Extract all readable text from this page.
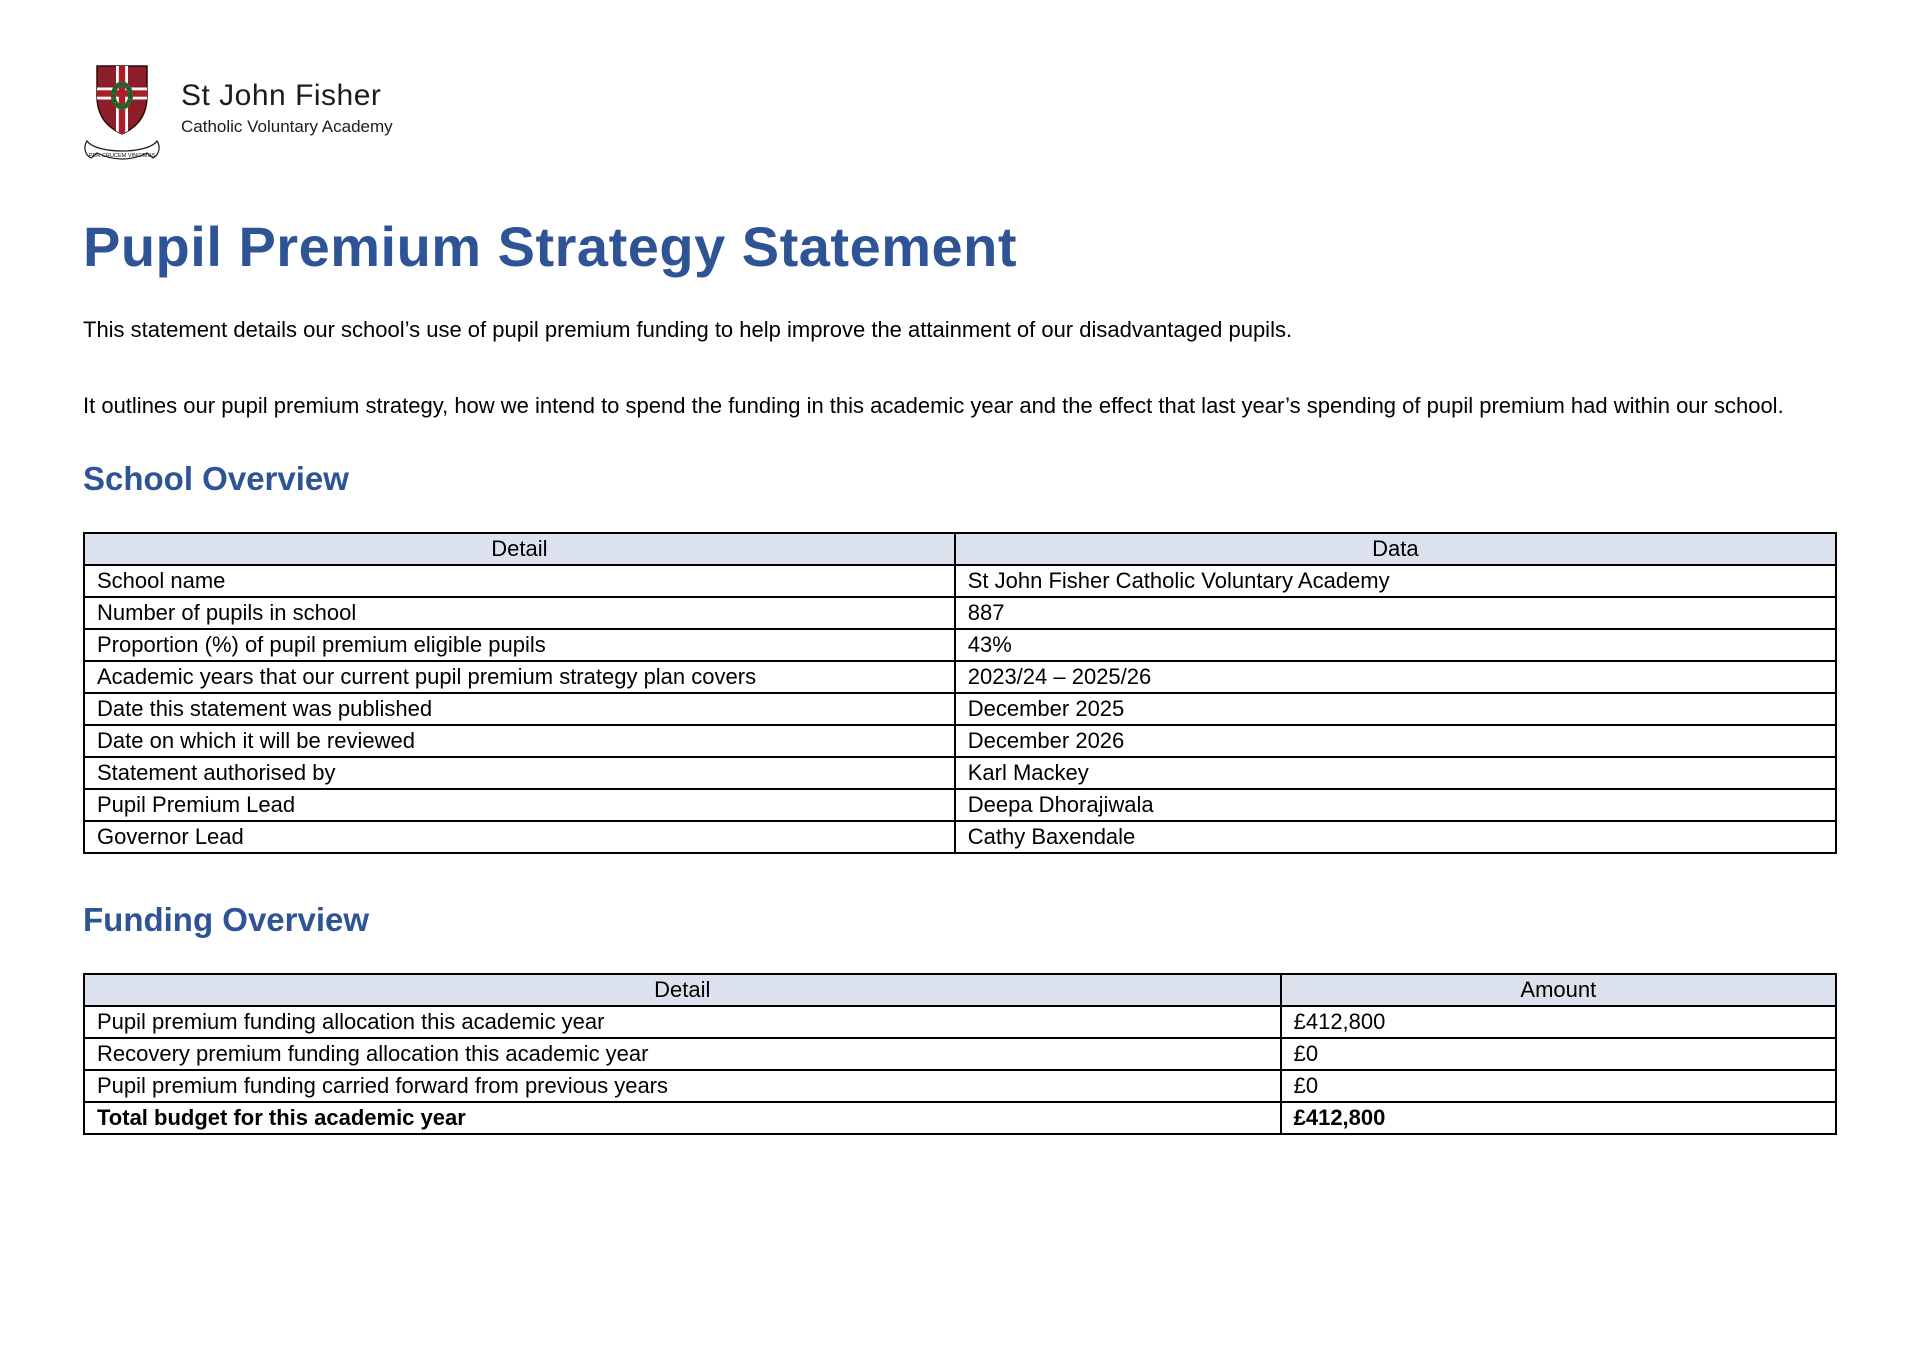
PER CRUCEM VINCIMUS
St John Fisher
Catholic Voluntary Academy
Pupil Premium Strategy Statement

This statement details our school’s use of pupil premium funding to help improve the attainment of our disadvantaged pupils.

It outlines our pupil premium strategy, how we intend to spend the funding in this academic year and the effect that last year’s spending of pupil premium had within our school.

School Overview
Detail	Data
School name	St John Fisher Catholic Voluntary Academy
Number of pupils in school	887
Proportion (%) of pupil premium eligible pupils	43%
Academic years that our current pupil premium strategy plan covers	2023/24 – 2025/26
Date this statement was published	December 2025
Date on which it will be reviewed	December 2026
Statement authorised by	Karl Mackey
Pupil Premium Lead	Deepa Dhorajiwala
Governor Lead	Cathy Baxendale
Funding Overview
Detail	Amount
Pupil premium funding allocation this academic year	£412,800
Recovery premium funding allocation this academic year	£0
Pupil premium funding carried forward from previous years	£0
Total budget for this academic year	£412,800
